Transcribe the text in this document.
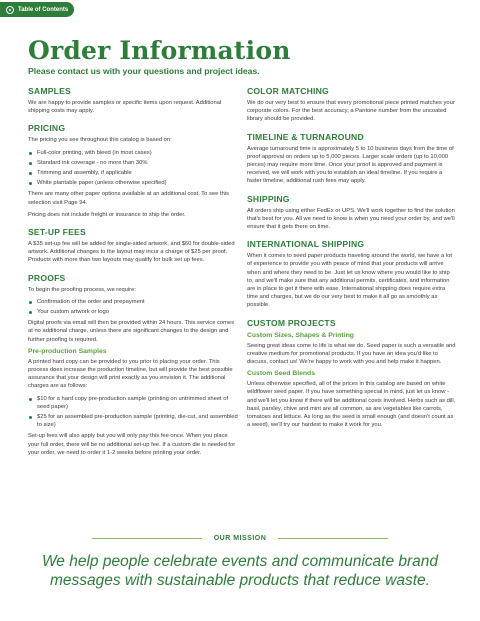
Table of Contents
Order Information

Please contact us with your questions and project ideas.

SAMPLES

We are happy to provide samples or specific items upon request. Additional shipping costs may apply.

PRICING

The pricing you see throughout this catalog is based on:

Full-color printing, with bleed (in most cases)
Standard ink coverage - no more than 30%
Trimming and assembly, if applicable
White plantable paper (unless otherwise specified)

There are many other paper options available at an additional cost. To see this selection visit Page 94.

Pricing does not include freight or insurance to ship the order.

SET-UP FEES

A $35 set-up fee will be added for single-sided artwork, and $60 for double-sided artwork. Additional changes to the layout may incur a charge of $25 per proof. Products with more than two layouts may qualify for bulk set up fees.

PROOFS

To begin the proofing process, we require:

Confirmation of the order and prepayment
Your custom artwork or logo

Digital proofs via email will then be provided within 24 hours. This service comes at no additional charge, unless there are significant changes to the design and further proofing is required.

Pre-production Samples

A printed hard copy can be provided to you prior to placing your order. This process does increase the production timeline, but will provide the best possible assurance that your design will print exactly as you envision it. The additional charges are as follows:

$10 for a hard copy pre-production sample (printing on untrimmed sheet of seed paper)
$25 for an assembled pre-production sample (printing, die-cut, and assembled to size)

Set-up fees will also apply but you will only pay this fee once. When you place your full order, there will be no additional set-up fee. If a custom die is needed for your order, we need to order it 1-2 weeks before printing your order.

COLOR MATCHING

We do our very best to ensure that every promotional piece printed matches your corporate colors. For the best accuracy, a Pantone number from the uncoated library should be provided.

TIMELINE & TURNAROUND

Average turnaround time is approximately 5 to 10 business days from the time of proof approval on orders up to 5,000 pieces. Larger scale orders (up to 10,000 pieces) may require more time. Once your proof is approved and payment is received, we will work with you to establish an ideal timeline. If you require a faster timeline, additional rush fees may apply.

SHIPPING

All orders ship using either FedEx or UPS. We'll work together to find the solution that's best for you. All we need to know is when you need your order by, and we'll ensure that it gets there on time.

INTERNATIONAL SHIPPING

When it comes to seed paper products traveling around the world, we have a lot of experience to provide you with peace of mind that your products will arrive when and where they need to be. Just let us know where you would like to ship to, and we'll make sure that any additional permits, certificates, and information are in place to get it there with ease. International shipping does require extra time and charges, but we do our very best to make it all go as smoothly as possible.

CUSTOM PROJECTS
Custom Sizes, Shapes & Printing

Seeing great ideas come to life is what we do. Seed paper is such a versatile and creative medium for promotional products. If you have an idea you'd like to discuss, contact us! We're happy to work with you and help make it happen.

Custom Seed Blends

Unless otherwise specified, all of the prices in this catalog are based on white wildflower seed paper. If you have something special in mind, just let us know - and we'll let you know if there will be additional costs involved. Herbs such as dill, basil, parsley, chive and mint are all common, as are vegetables like carrots, tomatoes and lettuce. As long as the seed is small enough (and doesn't count as a weed), we'll try our hardest to make it work for you.

OUR MISSION

We help people celebrate events and communicate brand messages with sustainable products that reduce waste.
